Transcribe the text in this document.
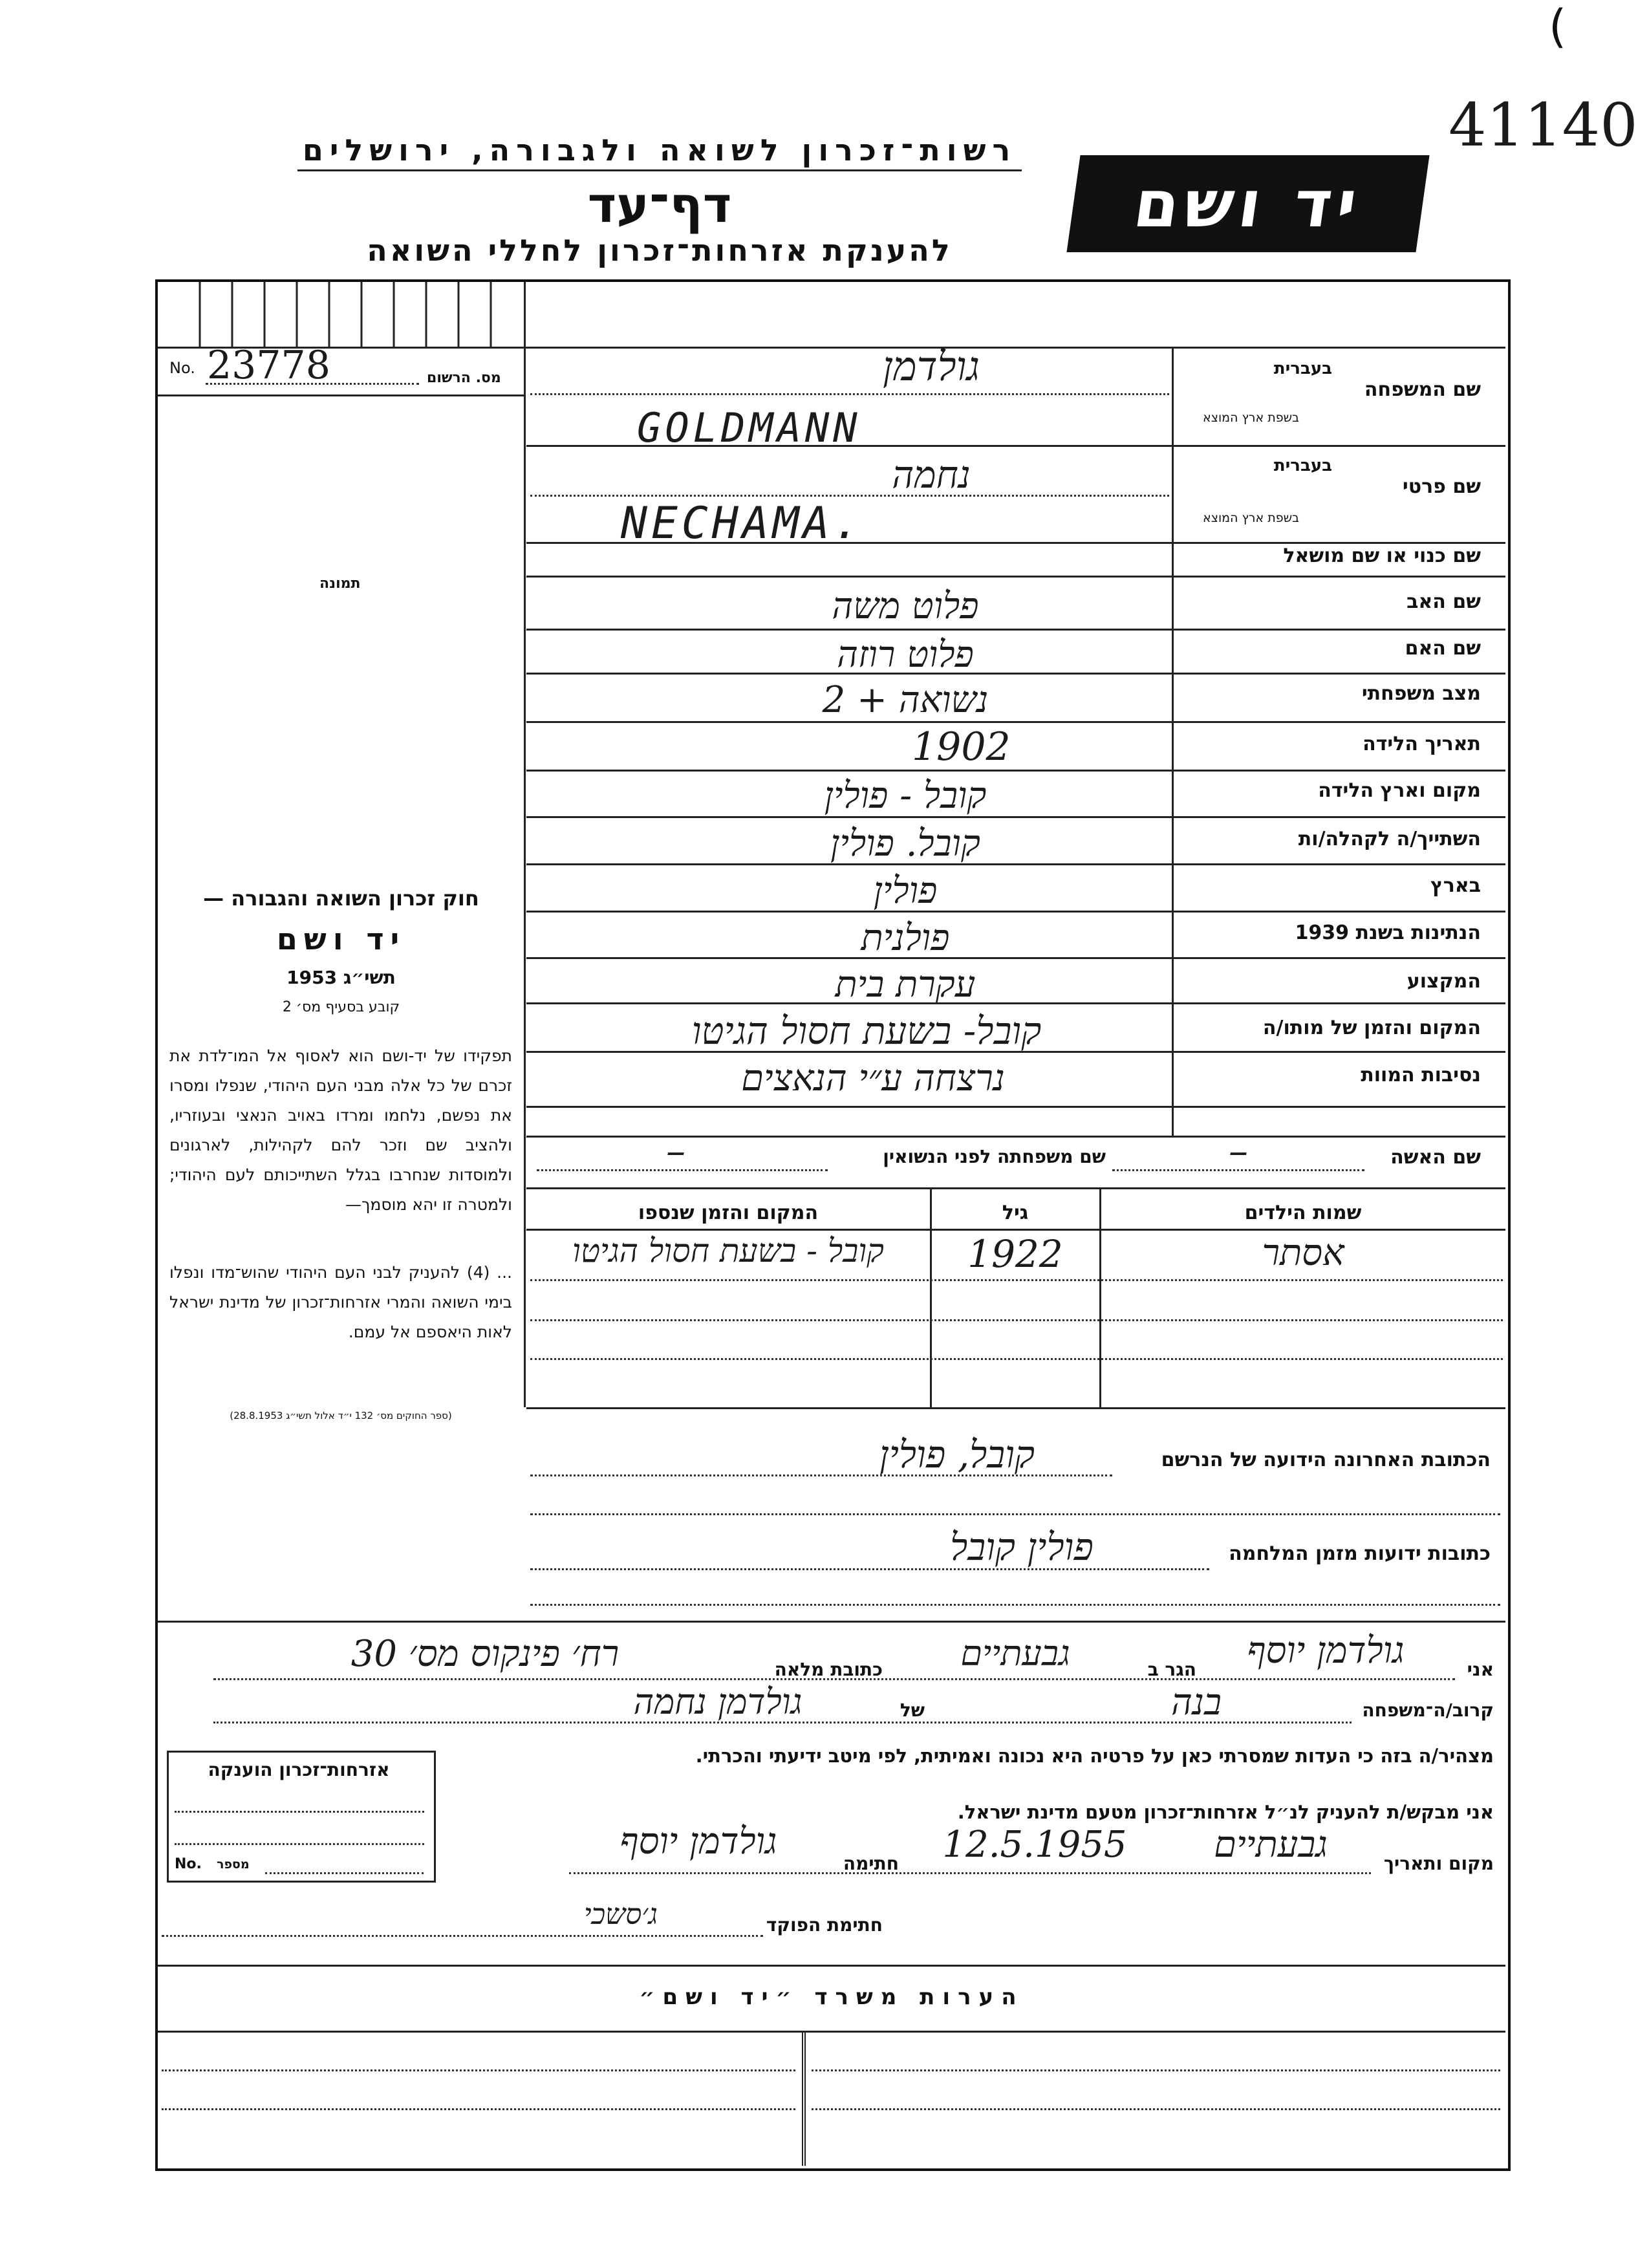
41140
(
רשות־זכרון לשואה ולגבורה, ירושלים
דף־עד
להענקת אזרחות־זכרון לחללי השואה
יד ושם
No. 23778	מס. הרשום
תמונה
חוק זכרון השואה והגבורה —
יד ושם
תשי״ג 1953
קובע בסעיף מס׳ 2
תפקידו של יד-ושם הוא לאסוף אל המו־לדת את זכרם של כל אלה מבני העם היהודי, שנפלו ומסרו את נפשם, נלחמו ומרדו באויב הנאצי ובעוזריו, ולהציב שם וזכר להם לקהילות, לארגונים ולמוסדות שנחרבו בגלל השתייכותם לעם היהודי; ולמטרה זו יהא מוסמך—
... (4) להעניק לבני העם היהודי שהוש־מדו ונפלו בימי השואה והמרי אזרחות־זכרון של מדינת ישראל לאות היאספם אל עמם.
(ספר החוקים מס׳ 132 י״ד אלול תשי״ג 28.8.1953)
שם המשפחה
בעברית
בשפת ארץ המוצא
גולדמן
GOLDMANN
שם פרטי
בעברית
בשפת ארץ המוצא
נחמה
NECHAMA.
שם כנוי או שם מושאל
שם האב
פלוט משה
שם האם
פלוט רוזה
מצב משפחתי
נשואה + 2
תאריך הלידה
1902
מקום וארץ הלידה
קובל - פולין
השתייך/ה לקהלה/ות
קובל. פולין
בארץ
פולין
הנתינות בשנת 1939
פולנית
המקצוע
עקרת בית
המקום והזמן של מותו/ה
קובל- בשעת חסול הגיטו
נסיבות המוות
נרצחה ע״י הנאצים
שם האשה
–
שם משפחתה לפני הנשואין
–
שמות הילדים
גיל
המקום והזמן שנספו
אסתר
1922
קובל - בשעת חסול הגיטו
הכתובת האחרונה הידועה של הנרשם
קובל, פולין
כתובות ידועות מזמן המלחמה
פולין קובל
אני
גולדמן יוסף
הגר ב
גבעתיים
כתובת מלאה
רח׳ פינקוס מס׳ 30
קרוב/ה־משפחה
בנה
של
גולדמן נחמה
מצהיר/ה בזה כי העדות שמסרתי כאן על פרטיה היא נכונה ואמיתית, לפי מיטב ידיעתי והכרתי.
אני מבקש/ת להעניק לנ״ל אזרחות־זכרון מטעם מדינת ישראל.
מקום ותאריך
גבעתיים
12.5.1955
חתימה
גולדמן יוסף
חתימת הפוקד
ג׳סשכי
אזרחות־זכרון הוענקה
No. מספר
הערות משרד ״יד ושם״
